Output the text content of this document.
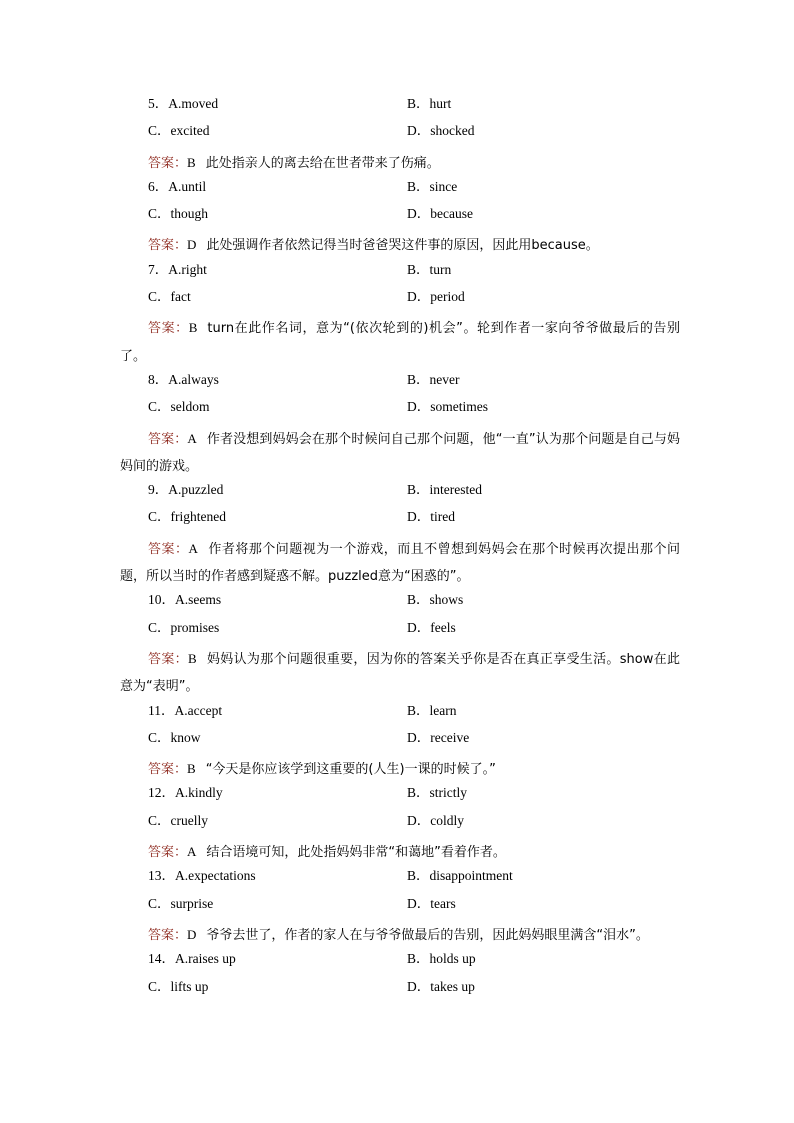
5．A.moved	B．hurt
C．excited	D．shocked
答案：B 此处指亲人的离去给在世者带来了伤痛。
6．A.until	B．since
C．though	D．because
答案：D 此处强调作者依然记得当时爸爸哭这件事的原因，因此用because。
7．A.right	B．turn
C．fact	D．period
答案：B turn在此作名词，意为“(依次轮到的)机会”。轮到作者一家向爷爷做最后的告别了。
8．A.always	B．never
C．seldom	D．sometimes
答案：A 作者没想到妈妈会在那个时候问自己那个问题，他“一直”认为那个问题是自己与妈妈间的游戏。
9．A.puzzled	B．interested
C．frightened	D．tired
答案：A 作者将那个问题视为一个游戏，而且不曾想到妈妈会在那个时候再次提出那个问题，所以当时的作者感到疑惑不解。puzzled意为“困惑的”。
10．A.seems	B．shows
C．promises	D．feels
答案：B 妈妈认为那个问题很重要，因为你的答案关乎你是否在真正享受生活。show在此意为“表明”。
11．A.accept	B．learn
C．know	D．receive
答案：B “今天是你应该学到这重要的(人生)一课的时候了。”
12．A.kindly	B．strictly
C．cruelly	D．coldly
答案：A 结合语境可知，此处指妈妈非常“和蔼地”看着作者。
13．A.expectations	B．disappointment
C．surprise	D．tears
答案：D 爷爷去世了，作者的家人在与爷爷做最后的告别，因此妈妈眼里满含“泪水”。
14．A.raises up	B．holds up
C．lifts up	D．takes up
